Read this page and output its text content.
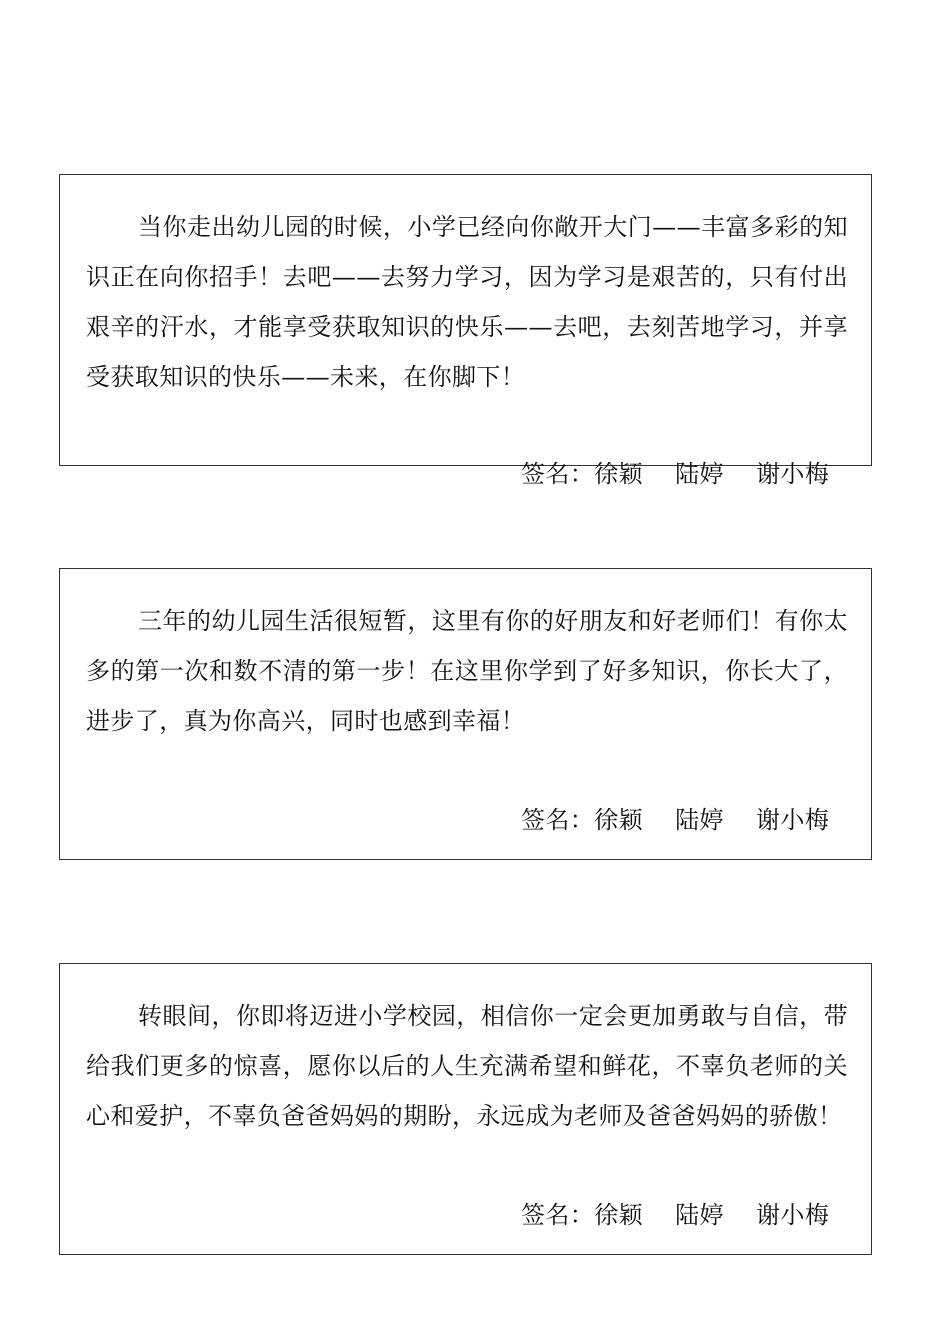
当你走出幼儿园的时候，小学已经向你敞开大门——丰富多彩的知识正在向你招手！去吧——去努力学习，因为学习是艰苦的，只有付出艰辛的汗水，才能享受获取知识的快乐——去吧，去刻苦地学习，并享受获取知识的快乐——未来，在你脚下！

签名：徐颖    陆婷    谢小梅

三年的幼儿园生活很短暂，这里有你的好朋友和好老师们！有你太多的第一次和数不清的第一步！在这里你学到了好多知识，你长大了，进步了，真为你高兴，同时也感到幸福！

签名：徐颖    陆婷    谢小梅

转眼间，你即将迈进小学校园，相信你一定会更加勇敢与自信，带给我们更多的惊喜，愿你以后的人生充满希望和鲜花，不辜负老师的关心和爱护，不辜负爸爸妈妈的期盼，永远成为老师及爸爸妈妈的骄傲！

签名：徐颖    陆婷    谢小梅
